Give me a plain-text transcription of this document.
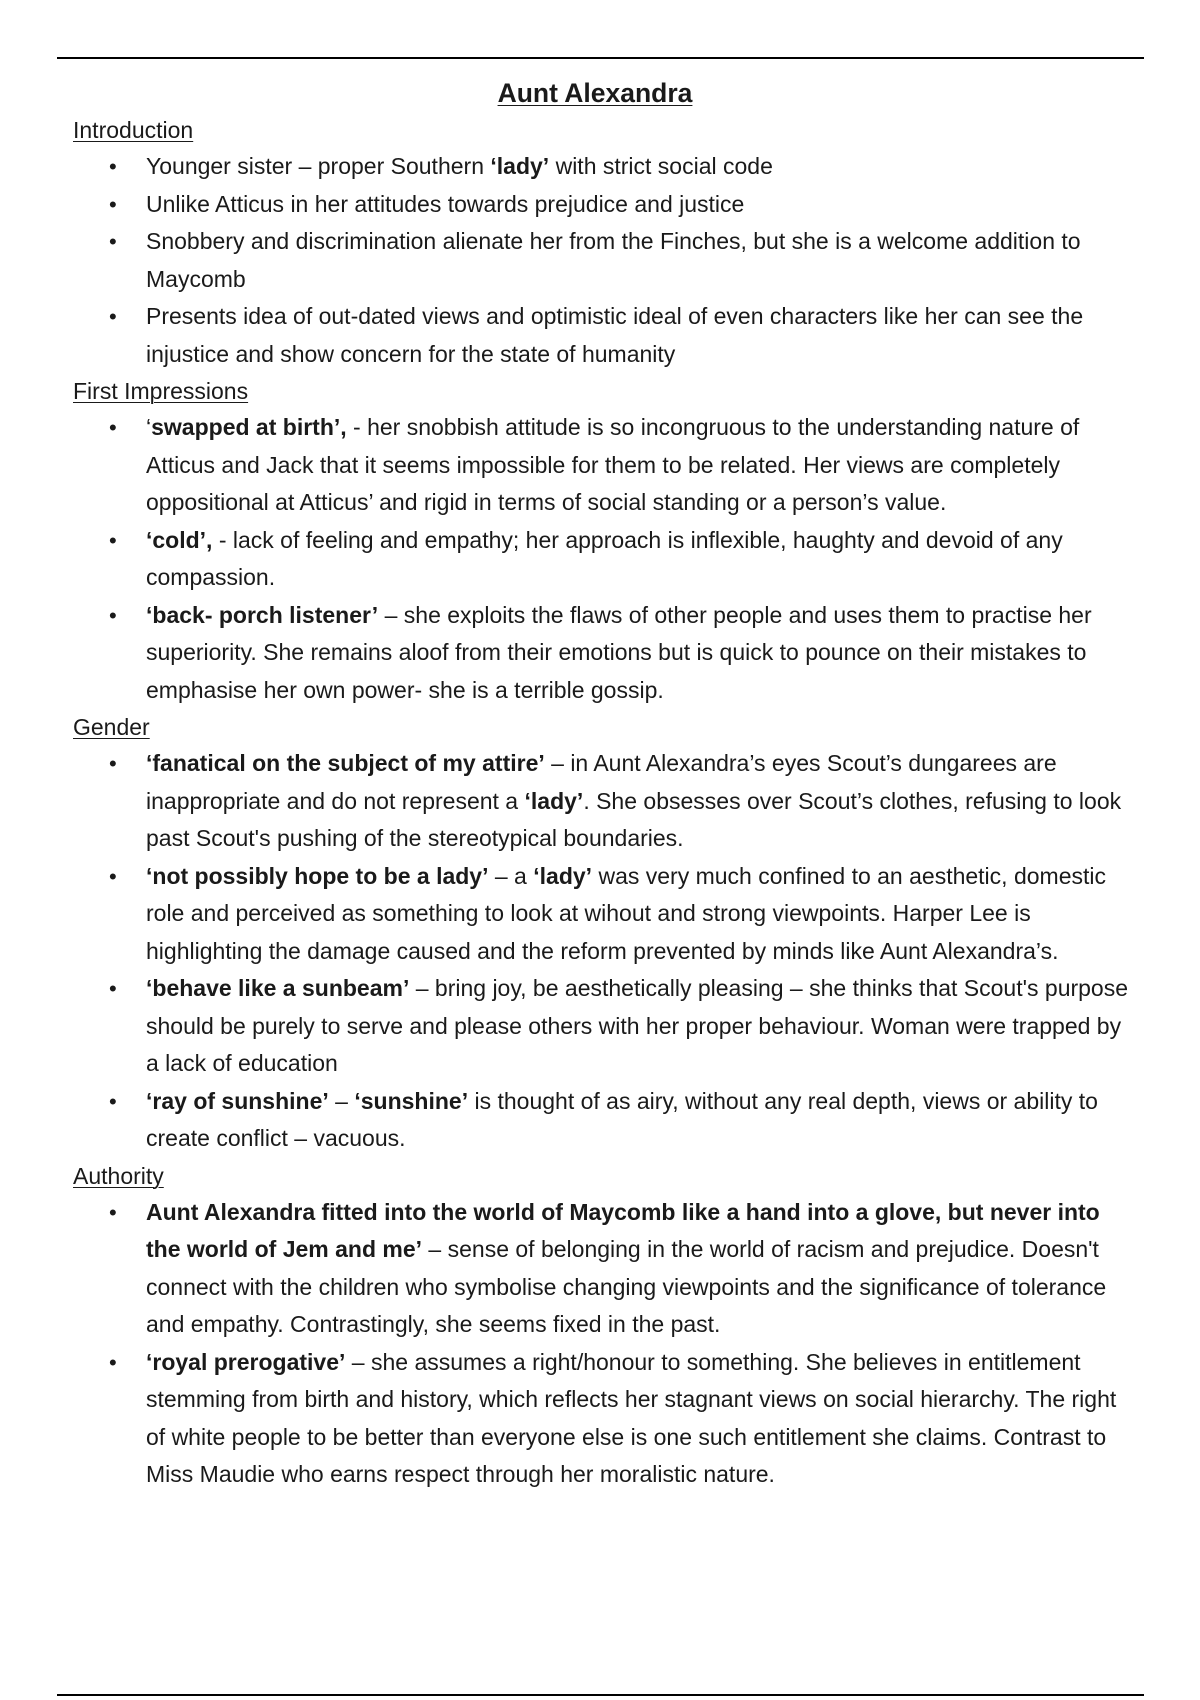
Aunt Alexandra
Introduction
• Younger sister – proper Southern ‘lady’ with strict social code
• Unlike Atticus in her attitudes towards prejudice and justice
• Snobbery and discrimination alienate her from the Finches, but she is a welcome addition to Maycomb
• Presents idea of out-dated views and optimistic ideal of even characters like her can see the injustice and show concern for the state of humanity
First Impressions
• ‘swapped at birth’, - her snobbish attitude is so incongruous to the understanding nature of Atticus and Jack that it seems impossible for them to be related. Her views are completely oppositional at Atticus’ and rigid in terms of social standing or a person’s value.
• ‘cold’, - lack of feeling and empathy; her approach is inflexible, haughty and devoid of any compassion.
• ‘back- porch listener’ – she exploits the flaws of other people and uses them to practise her superiority. She remains aloof from their emotions but is quick to pounce on their mistakes to emphasise her own power- she is a terrible gossip.
Gender
• ‘fanatical on the subject of my attire’ – in Aunt Alexandra’s eyes Scout’s dungarees are inappropriate and do not represent a ‘lady’. She obsesses over Scout’s clothes, refusing to look past Scout's pushing of the stereotypical boundaries.
• ‘not possibly hope to be a lady’ – a ‘lady’ was very much confined to an aesthetic, domestic role and perceived as something to look at wihout and strong viewpoints. Harper Lee is highlighting the damage caused and the reform prevented by minds like Aunt Alexandra’s.
• ‘behave like a sunbeam’ – bring joy, be aesthetically pleasing – she thinks that Scout's purpose should be purely to serve and please others with her proper behaviour. Woman were trapped by a lack of education
• ‘ray of sunshine’ – ‘sunshine’ is thought of as airy, without any real depth, views or ability to create conflict – vacuous.
Authority
• Aunt Alexandra fitted into the world of Maycomb like a hand into a glove, but never into the world of Jem and me’ – sense of belonging in the world of racism and prejudice. Doesn't connect with the children who symbolise changing viewpoints and the significance of tolerance and empathy. Contrastingly, she seems fixed in the past.
• ‘royal prerogative’ – she assumes a right/honour to something. She believes in entitlement stemming from birth and history, which reflects her stagnant views on social hierarchy. The right of white people to be better than everyone else is one such entitlement she claims. Contrast to Miss Maudie who earns respect through her moralistic nature.
